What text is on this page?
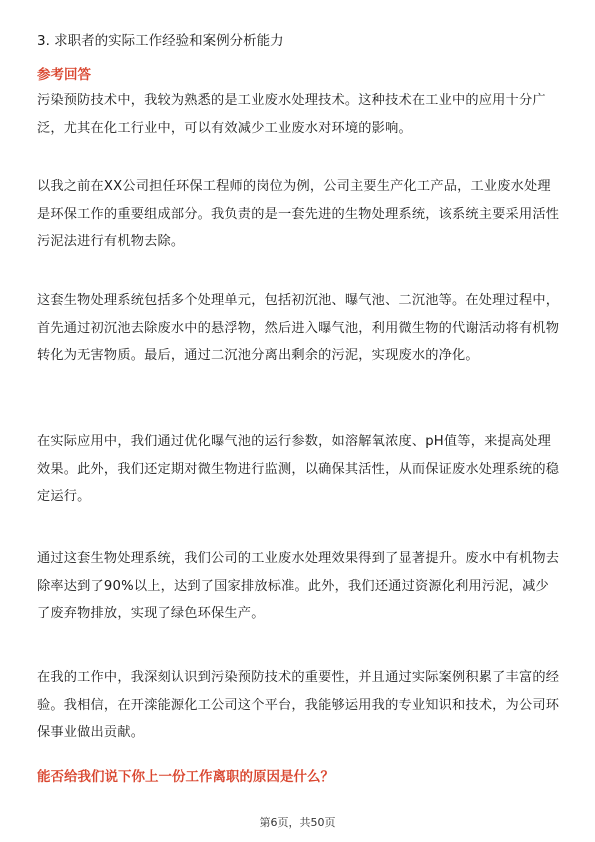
3. 求职者的实际工作经验和案例分析能力
参考回答
污染预防技术中，我较为熟悉的是工业废水处理技术。这种技术在工业中的应用十分广泛，尤其在化工行业中，可以有效减少工业废水对环境的影响。
以我之前在XX公司担任环保工程师的岗位为例，公司主要生产化工产品，工业废水处理是环保工作的重要组成部分。我负责的是一套先进的生物处理系统，该系统主要采用活性污泥法进行有机物去除。
这套生物处理系统包括多个处理单元，包括初沉池、曝气池、二沉池等。在处理过程中，首先通过初沉池去除废水中的悬浮物，然后进入曝气池，利用微生物的代谢活动将有机物转化为无害物质。最后，通过二沉池分离出剩余的污泥，实现废水的净化。
在实际应用中，我们通过优化曝气池的运行参数，如溶解氧浓度、pH值等，来提高处理效果。此外，我们还定期对微生物进行监测，以确保其活性，从而保证废水处理系统的稳定运行。
通过这套生物处理系统，我们公司的工业废水处理效果得到了显著提升。废水中有机物去除率达到了90%以上，达到了国家排放标准。此外，我们还通过资源化利用污泥，减少了废弃物排放，实现了绿色环保生产。
在我的工作中，我深刻认识到污染预防技术的重要性，并且通过实际案例积累了丰富的经验。我相信，在开滦能源化工公司这个平台，我能够运用我的专业知识和技术，为公司环保事业做出贡献。
能否给我们说下你上一份工作离职的原因是什么？
第6页，共50页
